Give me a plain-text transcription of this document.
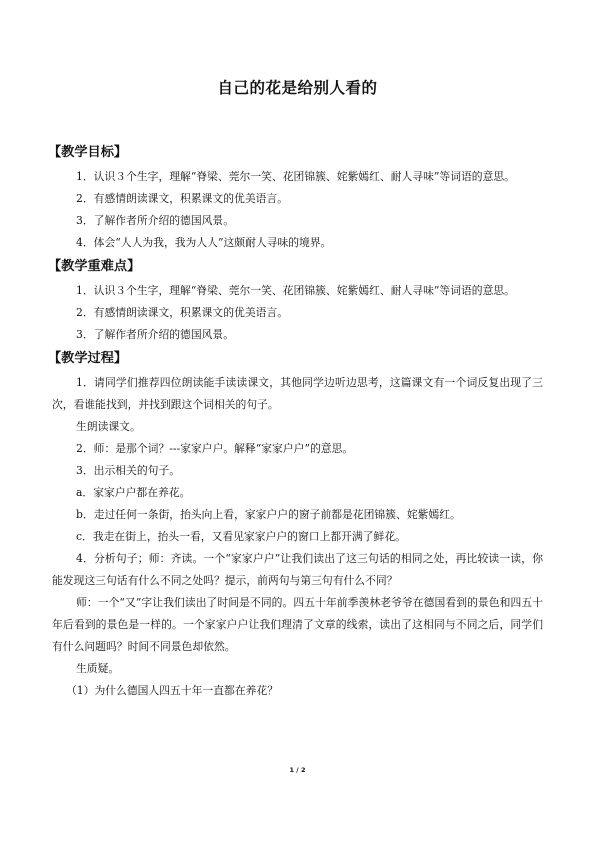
自己的花是给别人看的
【教学目标】
1．认识３个生字，理解“脊梁、莞尔一笑、花团锦簇、姹紫嫣红、耐人寻味”等词语的意思。
2．有感情朗读课文，积累课文的优美语言。
3．了解作者所介绍的德国风景。
4．体会“人人为我，我为人人”这颇耐人寻味的境界。
【教学重难点】
1．认识３个生字，理解“脊梁、莞尔一笑、花团锦簇、姹紫嫣红、耐人寻味”等词语的意思。
2．有感情朗读课文，积累课文的优美语言。
3．了解作者所介绍的德国风景。
【教学过程】
1．请同学们推荐四位朗读能手读读课文，其他同学边听边思考，这篇课文有一个词反复出现了三次，看谁能找到，并找到跟这个词相关的句子。
生朗读课文。
2．师：是那个词？---家家户户。解释“家家户户”的意思。
3．出示相关的句子。
a．家家户户都在养花。
b．走过任何一条街，抬头向上看，家家户户的窗子前都是花团锦簇、姹紫嫣红。
c．我走在街上，抬头一看，又看见家家户户的窗口上都开满了鲜花。
4．分析句子；师：齐读。一个“家家户户”让我们读出了这三句话的相同之处，再比较读一读，你能发现这三句话有什么不同之处吗？提示，前两句与第三句有什么不同？
师：一个“又”字让我们读出了时间是不同的。四五十年前季羡林老爷爷在德国看到的景色和四五十年后看到的景色是一样的。一个家家户户让我们理清了文章的线索，读出了这相同与不同之后，同学们有什么问题吗？时间不同景色却依然。
生质疑。
（1）为什么德国人四五十年一直都在养花？
1 / 2
